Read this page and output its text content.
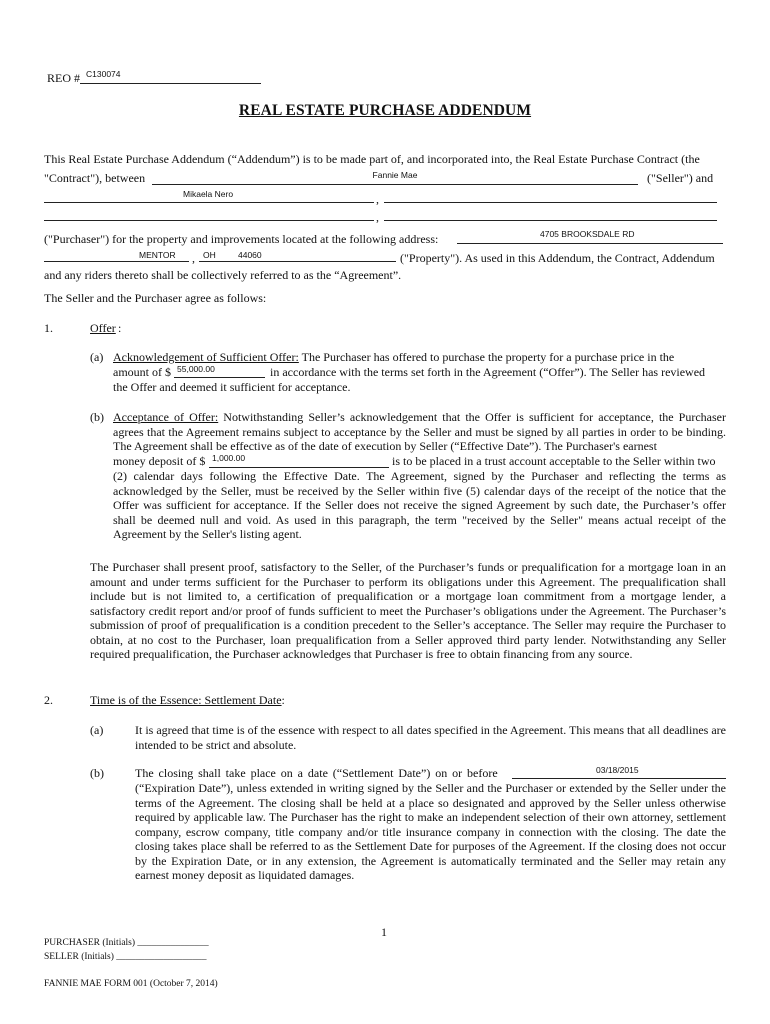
REO # C130074
REAL ESTATE PURCHASE ADDENDUM
This Real Estate Purchase Addendum (“Addendum”) is to be made part of, and incorporated into, the Real Estate Purchase Contract (the
"Contract"), between	Fannie Mae	("Seller") and
Mikaela Nero	,
,
("Purchaser") for the property and improvements located at the following address:	4705 BROOKSDALE RD
MENTOR , OH	44060	("Property"). As used in this Addendum, the Contract, Addendum
and any riders thereto shall be collectively referred to as the “Agreement”.
The Seller and the Purchaser agree as follows:
1.	Offer :
(a) Acknowledgement of Sufficient Offer: The Purchaser has offered to purchase the property for a purchase price in the
amount of $ 55,000.00	in accordance with the terms set forth in the Agreement (“Offer”). The Seller has reviewed
the Offer and deemed it sufficient for acceptance.
(b) Acceptance of Offer: Notwithstanding Seller’s acknowledgement that the Offer is sufficient for acceptance, the Purchaser agrees that the Agreement remains subject to acceptance by the Seller and must be signed by all parties in order to be binding. The Agreement shall be effective as of the date of execution by Seller (“Effective Date”). The Purchaser's earnest

money deposit of $ 1,000.00	is to be placed in a trust account acceptable to the Seller within two

(2) calendar days following the Effective Date. The Agreement, signed by the Purchaser and reflecting the terms as acknowledged by the Seller, must be received by the Seller within five (5) calendar days of the receipt of the notice that the Offer was sufficient for acceptance. If the Seller does not receive the signed Agreement by such date, the Purchaser’s offer shall be deemed null and void. As used in this paragraph, the term "received by the Seller" means actual receipt of the Agreement by the Seller's listing agent.

The Purchaser shall present proof, satisfactory to the Seller, of the Purchaser’s funds or prequalification for a mortgage loan in an amount and under terms sufficient for the Purchaser to perform its obligations under this Agreement. The prequalification shall include but is not limited to, a certification of prequalification or a mortgage loan commitment from a mortgage lender, a satisfactory credit report and/or proof of funds sufficient to meet the Purchaser’s obligations under the Agreement. The Purchaser’s submission of proof of prequalification is a condition precedent to the Seller’s acceptance. The Seller may require the Purchaser to obtain, at no cost to the Purchaser, loan prequalification from a Seller approved third party lender. Notwithstanding any Seller required prequalification, the Purchaser acknowledges that Purchaser is free to obtain financing from any source.

2.	Time is of the Essence: Settlement Date:
(a)	It is agreed that time is of the essence with respect to all dates specified in the Agreement. This means that all deadlines are intended to be strict and absolute.

(b)	The closing shall take place on a date (“Settlement Date”) on or before	03/18/2015

(“Expiration Date”), unless extended in writing signed by the Seller and the Purchaser or extended by the Seller under the terms of the Agreement. The closing shall be held at a place so designated and approved by the Seller unless otherwise required by applicable law. The Purchaser has the right to make an independent selection of their own attorney, settlement company, escrow company, title company and/or title insurance company in connection with the closing. The date the closing takes place shall be referred to as the Settlement Date for purposes of the Agreement. If the closing does not occur by the Expiration Date, or in any extension, the Agreement is automatically terminated and the Seller may retain any earnest money deposit as liquidated damages.

1
PURCHASER (Initials) _______________
SELLER (Initials) ___________________
FANNIE MAE FORM 001 (October 7, 2014)
